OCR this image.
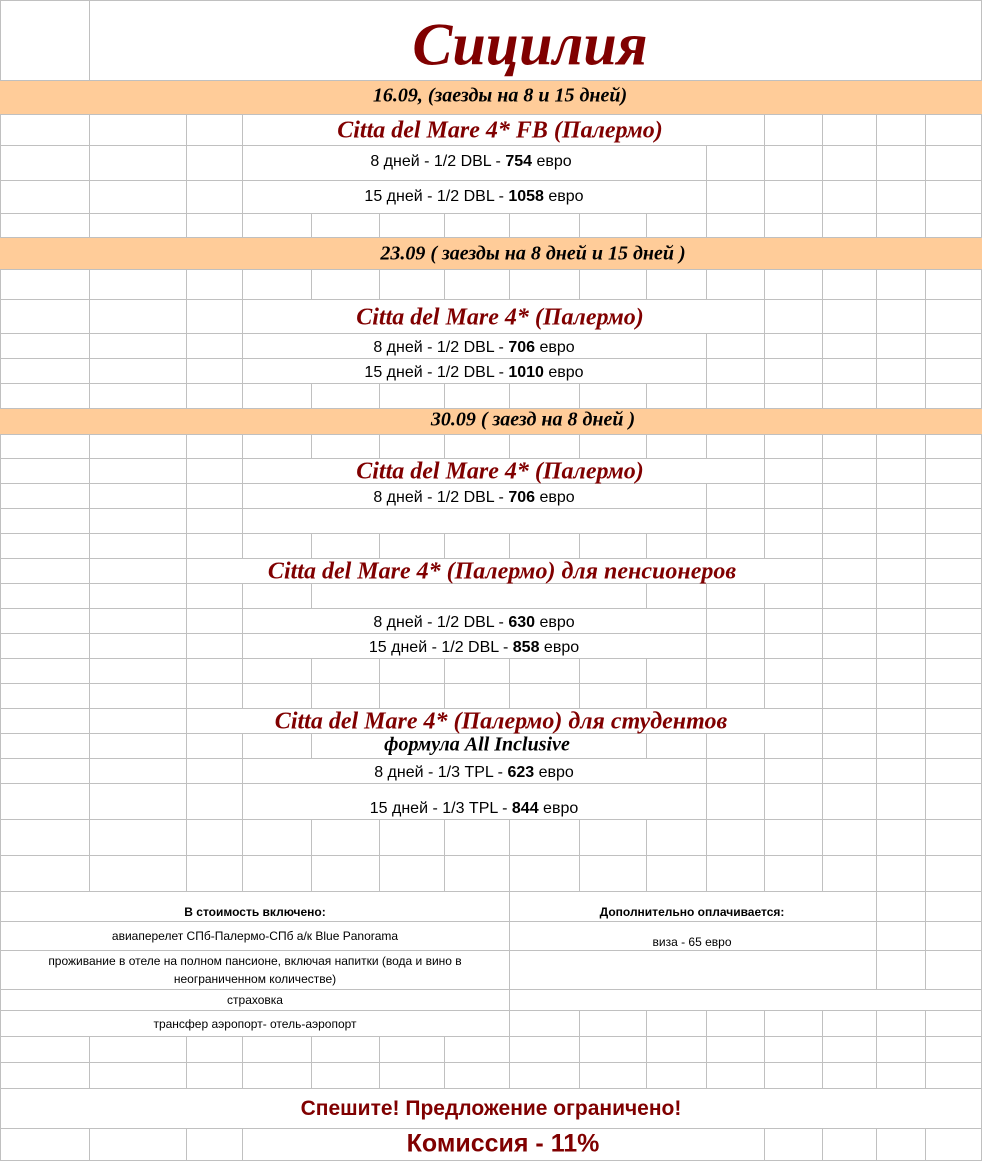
Сицилия
16.09, (заезды на 8 и 15 дней)
Citta del Mare 4* FB (Палермо)
8 дней - 1/2 DBL - 754 евро
15 дней - 1/2 DBL - 1058 евро
23.09 ( заезды на 8 дней и 15 дней )
Citta del Mare 4* (Палермо)
8 дней - 1/2 DBL - 706 евро
15 дней - 1/2 DBL - 1010 евро
30.09 ( заезд на 8 дней )
Citta del Mare 4* (Палермо)
8 дней - 1/2 DBL - 706 евро
Citta del Mare 4* (Палермо) для пенсионеров
8 дней - 1/2 DBL - 630 евро
15 дней - 1/2 DBL - 858 евро
Citta del Mare 4* (Палермо) для студентов
формула All Inclusive
8 дней - 1/3 TPL - 623 евро
15 дней - 1/3 TPL - 844 евро
В стоимость включено:
авиаперелет СПб-Палермо-СПб а/к Blue Panorama
проживание в отеле на полном пансионе, включая напитки (вода и вино в неограниченном количестве)
страховка
трансфер аэропорт- отель-аэропорт
Дополнительно оплачивается:
виза - 65 евро
Спешите! Предложение ограничено!
Комиссия - 11%
